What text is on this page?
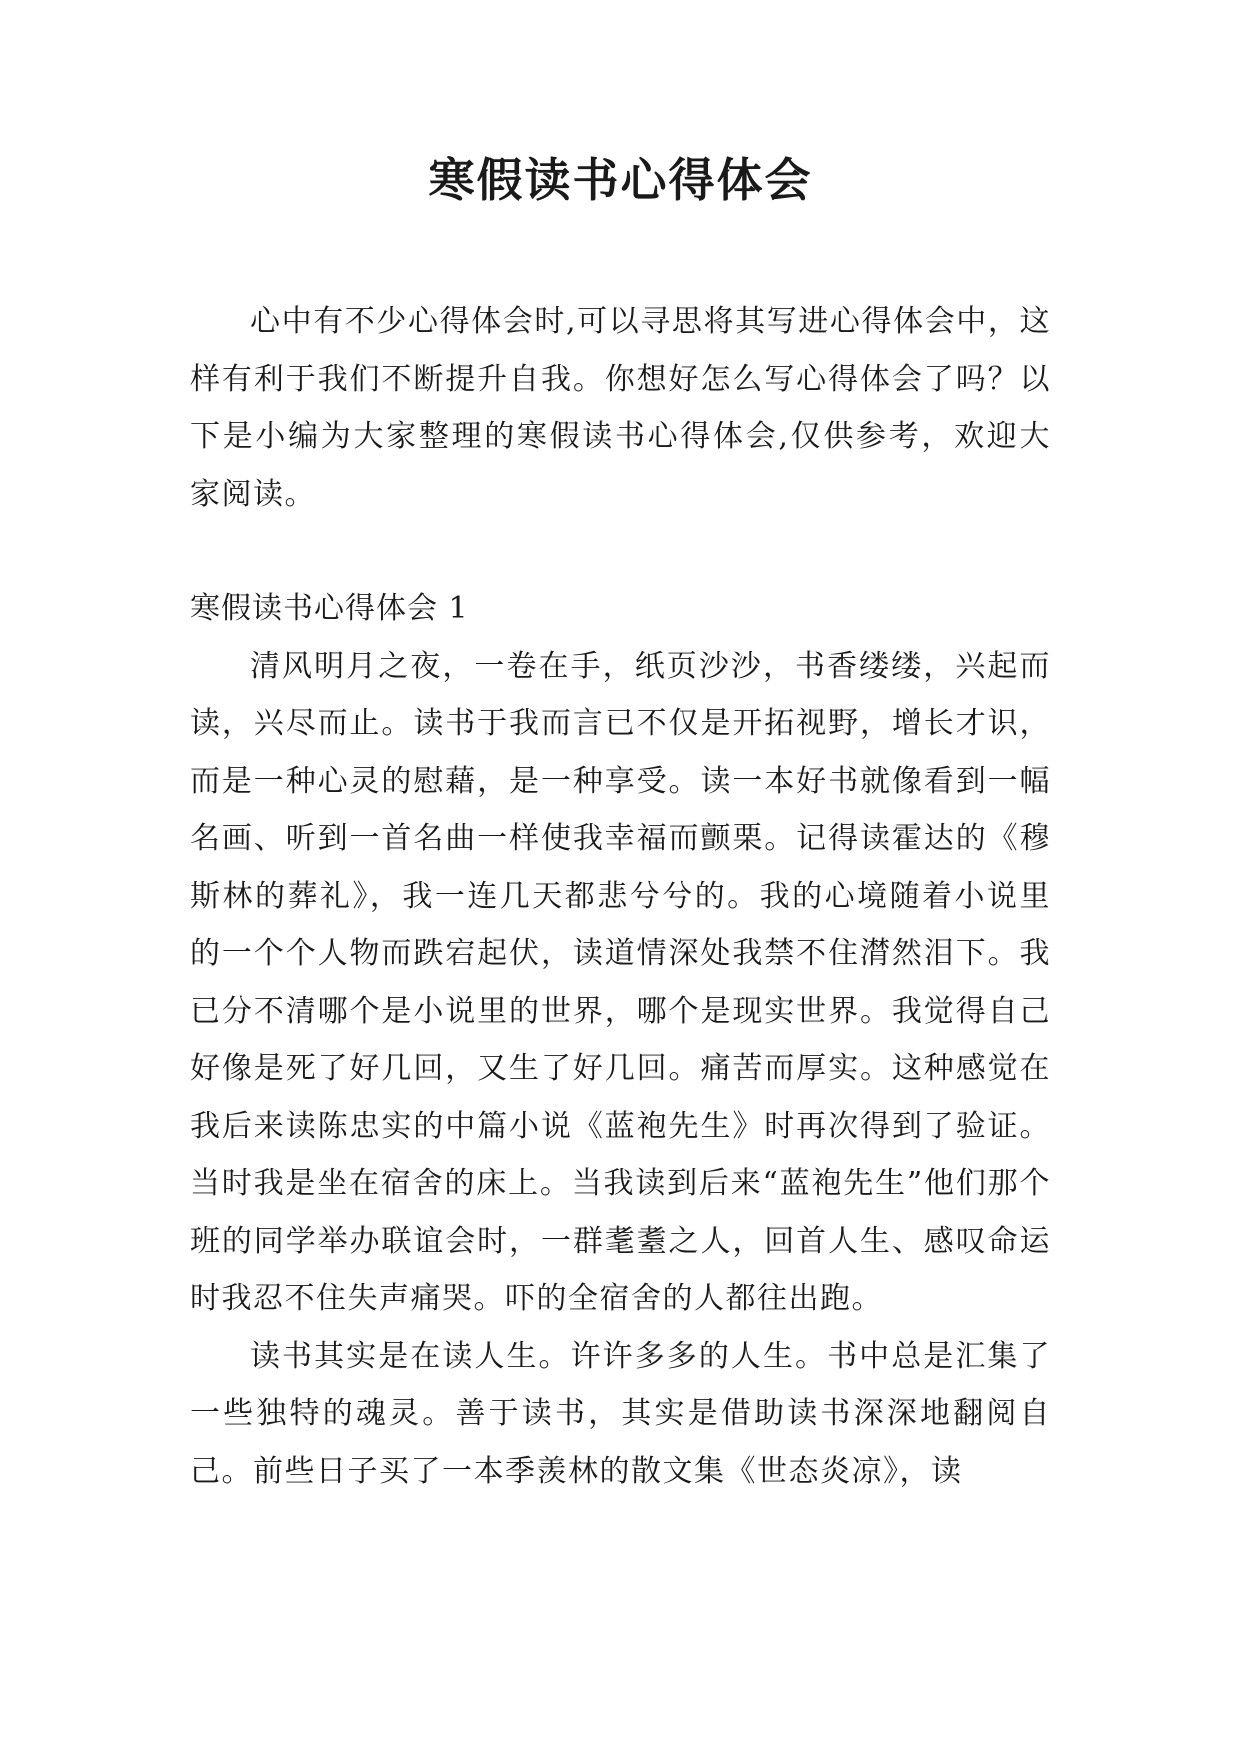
寒假读书心得体会

心中有不少心得体会时,可以寻思将其写进心得体会中，这样有利于我们不断提升自我。你想好怎么写心得体会了吗？以下是小编为大家整理的寒假读书心得体会,仅供参考，欢迎大家阅读。

寒假读书心得体会 1

清风明月之夜，一卷在手，纸页沙沙，书香缕缕，兴起而读，兴尽而止。读书于我而言已不仅是开拓视野，增长才识，而是一种心灵的慰藉，是一种享受。读一本好书就像看到一幅名画、听到一首名曲一样使我幸福而颤栗。记得读霍达的《穆斯林的葬礼》，我一连几天都悲兮兮的。我的心境随着小说里的一个个人物而跌宕起伏，读道情深处我禁不住潸然泪下。我已分不清哪个是小说里的世界，哪个是现实世界。我觉得自己好像是死了好几回，又生了好几回。痛苦而厚实。这种感觉在我后来读陈忠实的中篇小说《蓝袍先生》时再次得到了验证。当时我是坐在宿舍的床上。当我读到后来“蓝袍先生”他们那个班的同学举办联谊会时，一群耄耋之人，回首人生、感叹命运时我忍不住失声痛哭。吓的全宿舍的人都往出跑。

读书其实是在读人生。许许多多的人生。书中总是汇集了一些独特的魂灵。善于读书，其实是借助读书深深地翻阅自己。前些日子买了一本季羡林的散文集《世态炎凉》，读
